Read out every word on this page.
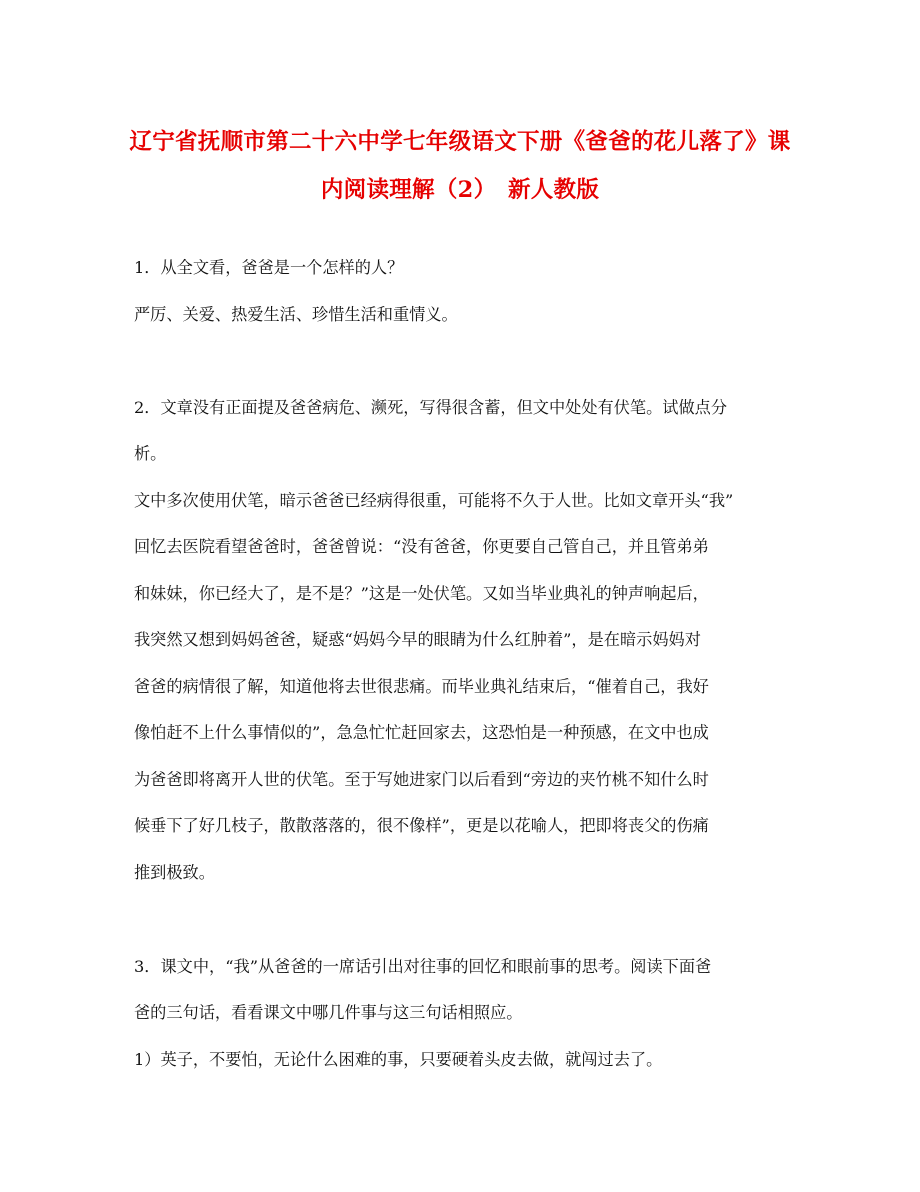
辽宁省抚顺市第二十六中学七年级语文下册《爸爸的花儿落了》课
内阅读理解（2）　新人教版
1．从全文看，爸爸是一个怎样的人？
严厉、关爱、热爱生活、珍惜生活和重情义。
2．文章没有正面提及爸爸病危、濒死，写得很含蓄，但文中处处有伏笔。试做点分
析。
文中多次使用伏笔，暗示爸爸已经病得很重，可能将不久于人世。比如文章开头“我”
回忆去医院看望爸爸时，爸爸曾说：“没有爸爸，你更要自己管自己，并且管弟弟
和妹妹，你已经大了，是不是？”这是一处伏笔。又如当毕业典礼的钟声响起后，
我突然又想到妈妈爸爸，疑惑“妈妈今早的眼睛为什么红肿着”，是在暗示妈妈对
爸爸的病情很了解，知道他将去世很悲痛。而毕业典礼结束后，“催着自己，我好
像怕赶不上什么事情似的”，急急忙忙赶回家去，这恐怕是一种预感，在文中也成
为爸爸即将离开人世的伏笔。至于写她进家门以后看到“旁边的夹竹桃不知什么时
候垂下了好几枝子，散散落落的，很不像样”，更是以花喻人，把即将丧父的伤痛
推到极致。
3．课文中，“我”从爸爸的一席话引出对往事的回忆和眼前事的思考。阅读下面爸
爸的三句话，看看课文中哪几件事与这三句话相照应。
1）英子，不要怕，无论什么困难的事，只要硬着头皮去做，就闯过去了。
